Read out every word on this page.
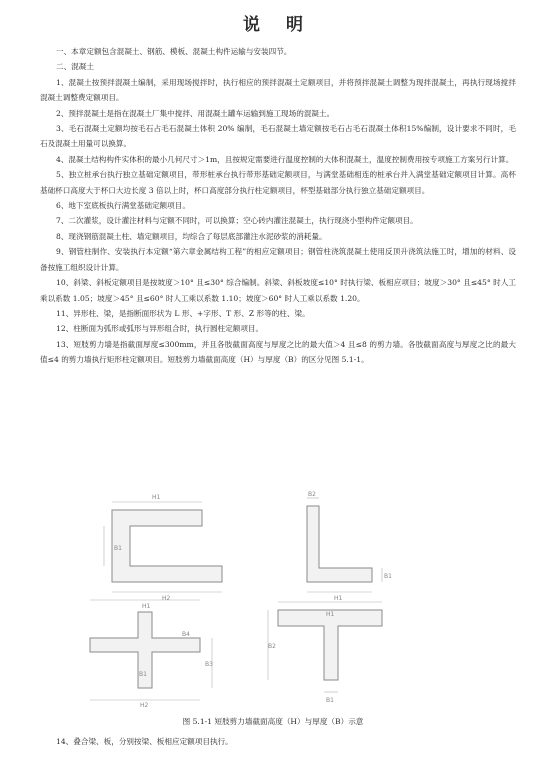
说 明

一、本章定额包含混凝土、钢筋、模板、混凝土构件运输与安装四节。

二、混凝土

1、混凝土按预拌混凝土编制，采用现场搅拌时，执行相应的预拌混凝土定额项目，并将预拌混凝土调整为现拌混凝土，再执行现场搅拌混凝土调整费定额项目。

2、预拌混凝土是指在混凝土厂集中搅拌、用混凝土罐车运输到施工现场的混凝土。

3、毛石混凝土定额均按毛石占毛石混凝土体积 20% 编制，毛石混凝土墙定额按毛石占毛石混凝土体积15%编制，设计要求不同时，毛石及混凝土用量可以换算。

4、混凝土结构构件实体积的最小几何尺寸＞1m，且按规定需要进行温度控制的大体积混凝土，温度控制费用按专项施工方案另行计算。

5、独立桩承台执行独立基础定额项目，带形桩承台执行带形基础定额项目，与满堂基础相连的桩承台并入满堂基础定额项目计算。高杯基础杯口高度大于杯口大边长度 3 倍以上时，杯口高度部分执行柱定额项目，杯型基础部分执行独立基础定额项目。

6、地下室底板执行满堂基础定额项目。

7、二次灌浆，设计灌注材料与定额不同时，可以换算；空心砖内灌注混凝土，执行现浇小型构件定额项目。

8、现浇钢筋混凝土柱、墙定额项目，均综合了每层底部灌注水泥砂浆的消耗量。

9、钢管柱制作、安装执行本定额“第六章金属结构工程”的相应定额项目；钢管柱浇筑混凝土使用反顶升浇筑法施工时，增加的材料、设备按施工组织设计计算。

10、斜梁、斜板定额项目是按坡度＞10° 且≤30° 综合编制。斜梁、斜板坡度≤10° 时执行梁、板相应项目；坡度＞30° 且≤45° 时人工乘以系数 1.05；坡度＞45° 且≤60° 时人工乘以系数 1.10；坡度＞60° 时人工乘以系数 1.20。

11、异形柱、梁，是指断面形状为 L 形、+字形、T 形、Z 形等的柱、梁。

12、柱断面为弧形或弧形与异形组合时，执行圆柱定额项目。

13、短肢剪力墙是指截面厚度≤300mm，并且各肢截面高度与厚度之比的最大值＞4 且≤8 的剪力墙。各肢截面高度与厚度之比的最大值≤4 的剪力墙执行矩形柱定额项目。短肢剪力墙截面高度（H）与厚度（B）的区分见图 5.1-1。

H1
H2
B1
B2
H1
B1
H1
B4
B1
H2
B3
H1
B2
B1
图 5.1-1 短肢剪力墙截面高度（H）与厚度（B）示意
14、叠合梁、板，分别按梁、板相应定额项目执行。
